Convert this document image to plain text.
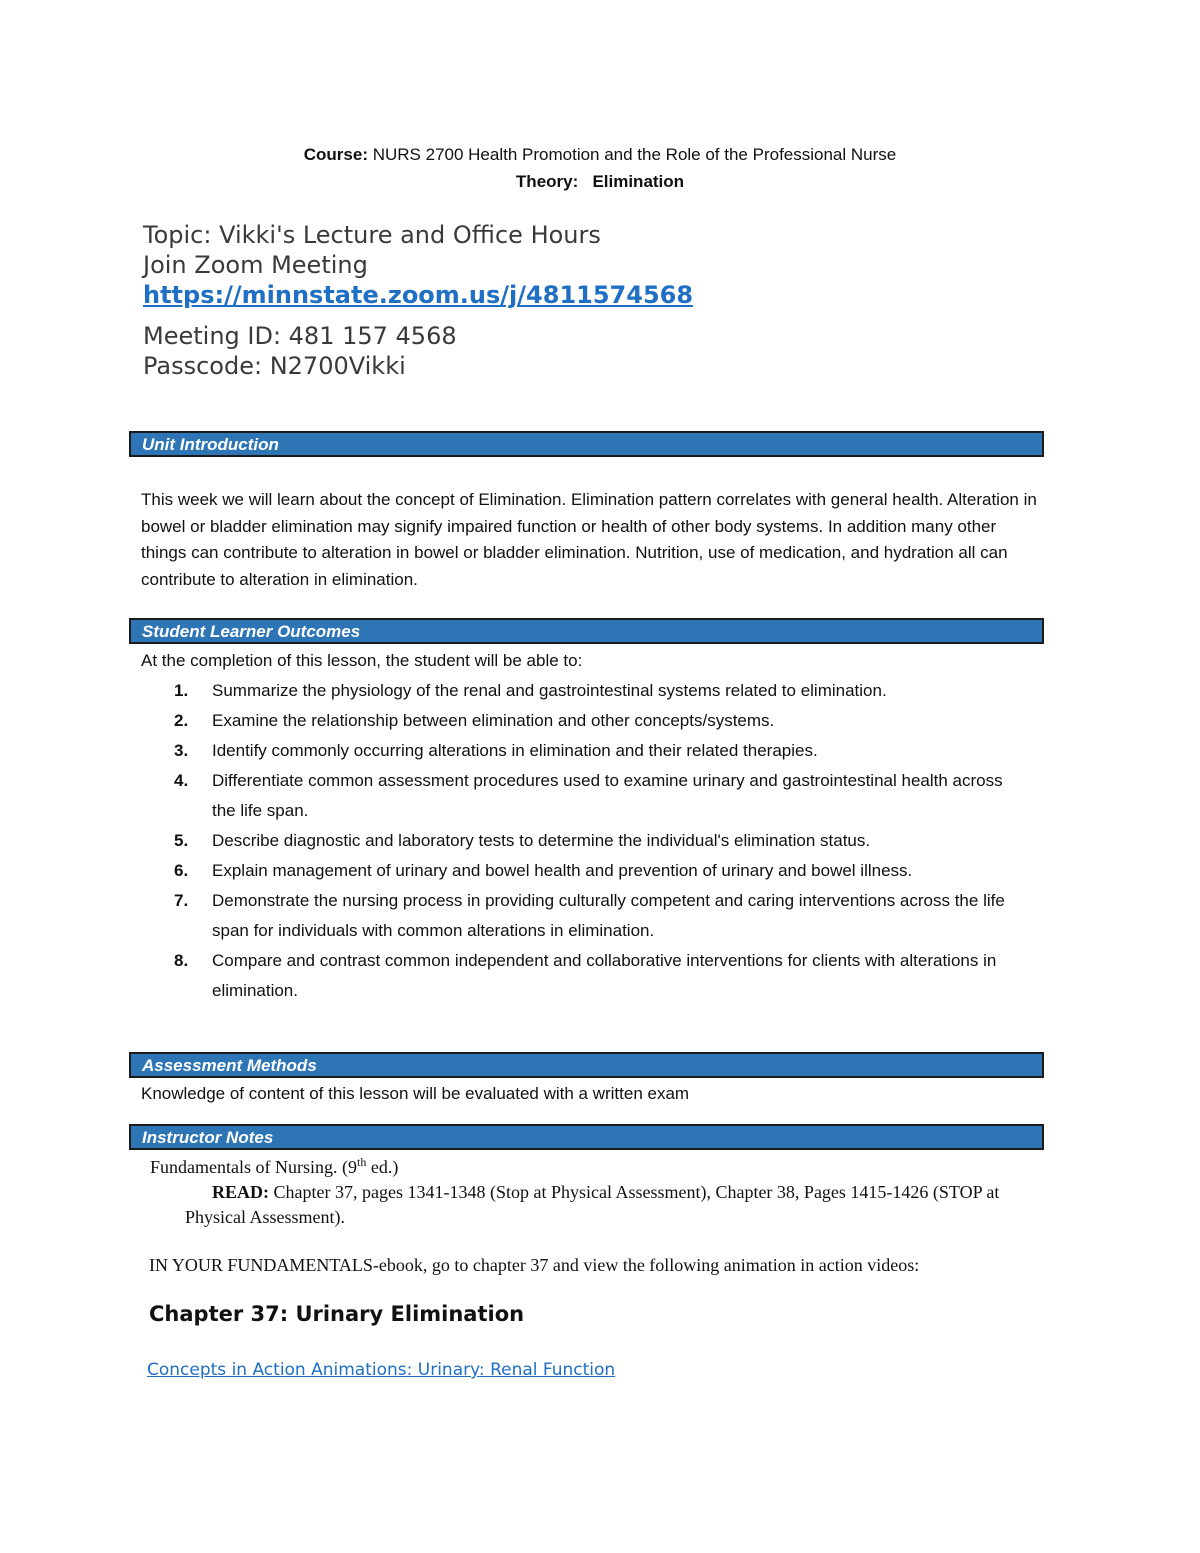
Course: NURS 2700 Health Promotion and the Role of the Professional Nurse
Theory: Elimination
Topic: Vikki's Lecture and Office Hours
Join Zoom Meeting
https://minnstate.zoom.us/j/4811574568
Meeting ID: 481 157 4568
Passcode: N2700Vikki
Unit Introduction
This week we will learn about the concept of Elimination. Elimination pattern correlates with general health. Alteration in bowel or bladder elimination may signify impaired function or health of other body systems. In addition many other things can contribute to alteration in bowel or bladder elimination. Nutrition, use of medication, and hydration all can contribute to alteration in elimination.
Student Learner Outcomes
At the completion of this lesson, the student will be able to:
1. Summarize the physiology of the renal and gastrointestinal systems related to elimination.
2. Examine the relationship between elimination and other concepts/systems.
3. Identify commonly occurring alterations in elimination and their related therapies.
4. Differentiate common assessment procedures used to examine urinary and gastrointestinal health across the life span.
5. Describe diagnostic and laboratory tests to determine the individual's elimination status.
6. Explain management of urinary and bowel health and prevention of urinary and bowel illness.
7. Demonstrate the nursing process in providing culturally competent and caring interventions across the life span for individuals with common alterations in elimination.
8. Compare and contrast common independent and collaborative interventions for clients with alterations in elimination.
Assessment Methods
Knowledge of content of this lesson will be evaluated with a written exam
Instructor Notes
Fundamentals of Nursing. (9th ed.)
READ: Chapter 37, pages 1341-1348 (Stop at Physical Assessment), Chapter 38, Pages 1415-1426 (STOP at Physical Assessment).
IN YOUR FUNDAMENTALS-ebook, go to chapter 37 and view the following animation in action videos:
Chapter 37: Urinary Elimination
Concepts in Action Animations: Urinary: Renal Function
